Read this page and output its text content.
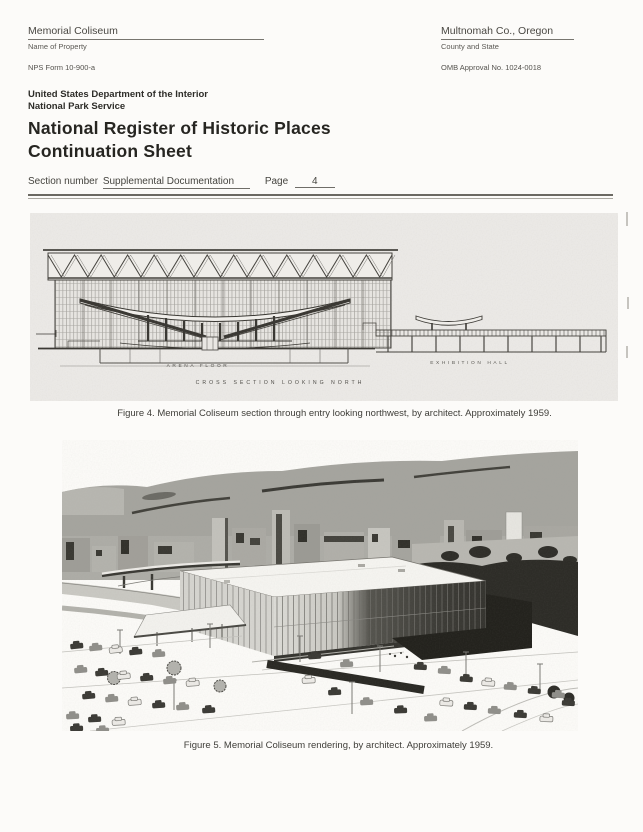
Memorial Coliseum
Name of Property
Multnomah Co., Oregon
County and State
NPS Form 10-900-a	OMB Approval No. 1024-0018
United States Department of the Interior
National Park Service
National Register of Historic Places
Continuation Sheet
Section number Supplemental Documentation	Page 4
ARENA FLOOR
EXHIBITION HALL
CROSS SECTION LOOKING NORTH
Figure 4. Memorial Coliseum section through entry looking northwest, by architect. Approximately 1959.
Figure 5. Memorial Coliseum rendering, by architect. Approximately 1959.
